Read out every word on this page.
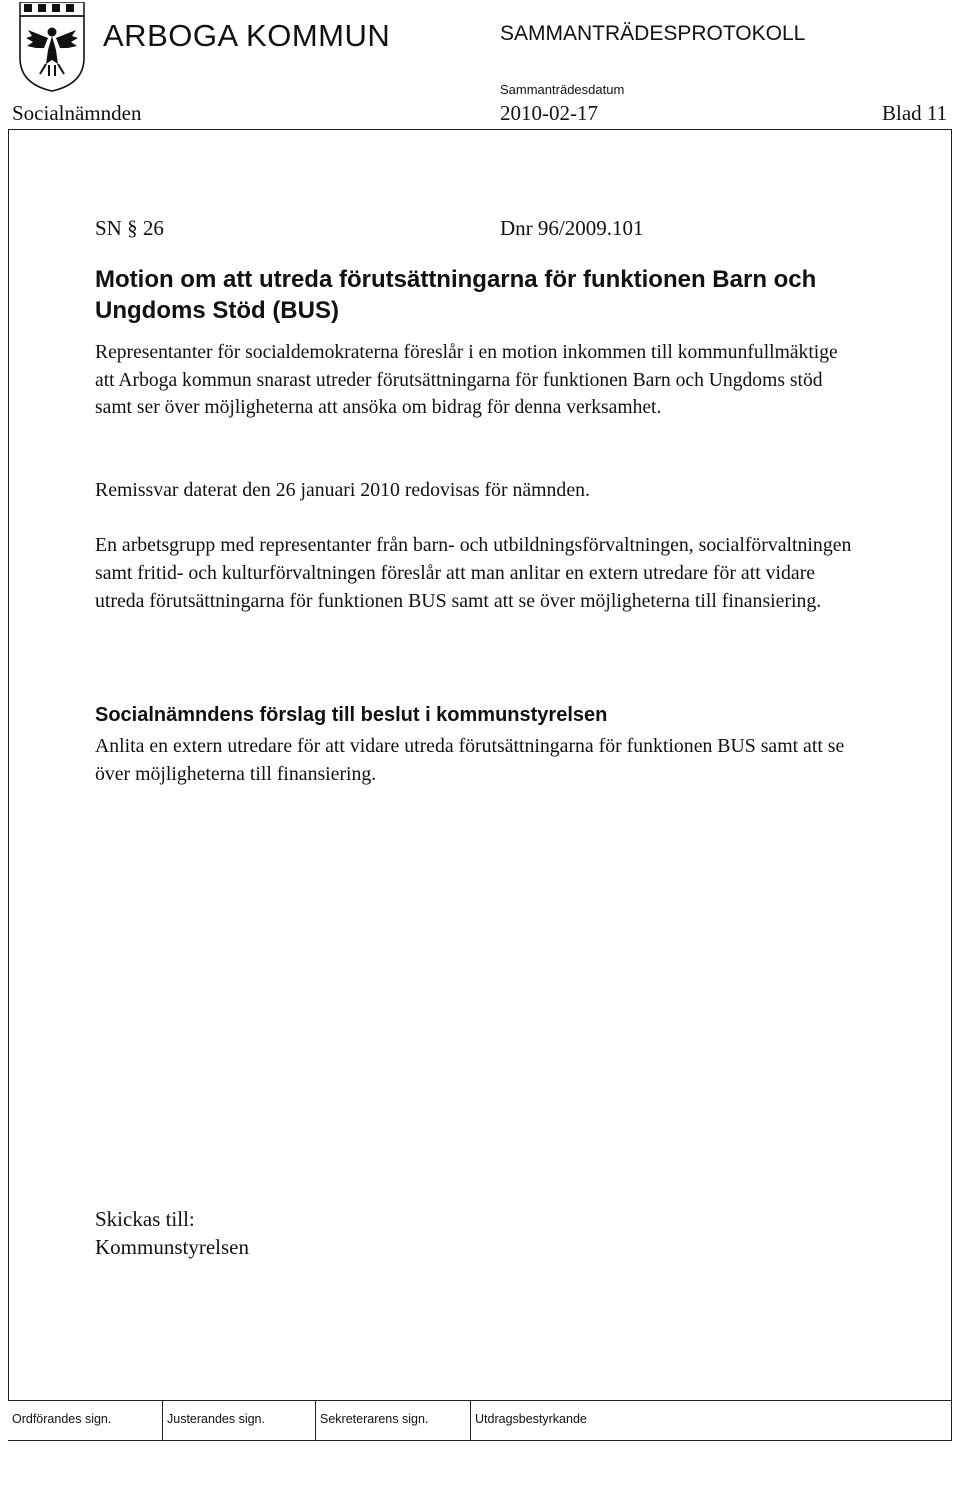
ARBOGA KOMMUN	SAMMANTRÄDESPROTOKOLL
Sammanträdesdatum
Socialnämnden	2010-02-17	Blad 11
SN § 26	Dnr 96/2009.101
Motion om att utreda förutsättningarna för funktionen Barn och Ungdoms Stöd (BUS)
Representanter för socialdemokraterna föreslår i en motion inkommen till kommunfullmäktige att Arboga kommun snarast utreder förutsättningarna för funktionen Barn och Ungdoms stöd samt ser över möjligheterna att ansöka om bidrag för denna verksamhet.
Remissvar daterat den 26 januari 2010 redovisas för nämnden.
En arbetsgrupp med representanter från barn- och utbildningsförvaltningen, socialförvaltningen samt fritid- och kulturförvaltningen föreslår att man anlitar en extern utredare för att vidare utreda förutsättningarna för funktionen BUS samt att se över möjligheterna till finansiering.
Socialnämndens förslag till beslut i kommunstyrelsen
Anlita en extern utredare för att vidare utreda förutsättningarna för funktionen BUS samt att se över möjligheterna till finansiering.
Skickas till:
Kommunstyrelsen
Ordförandes sign.	Justerandes sign.	Sekreterarens sign.	Utdragsbestyrkande
